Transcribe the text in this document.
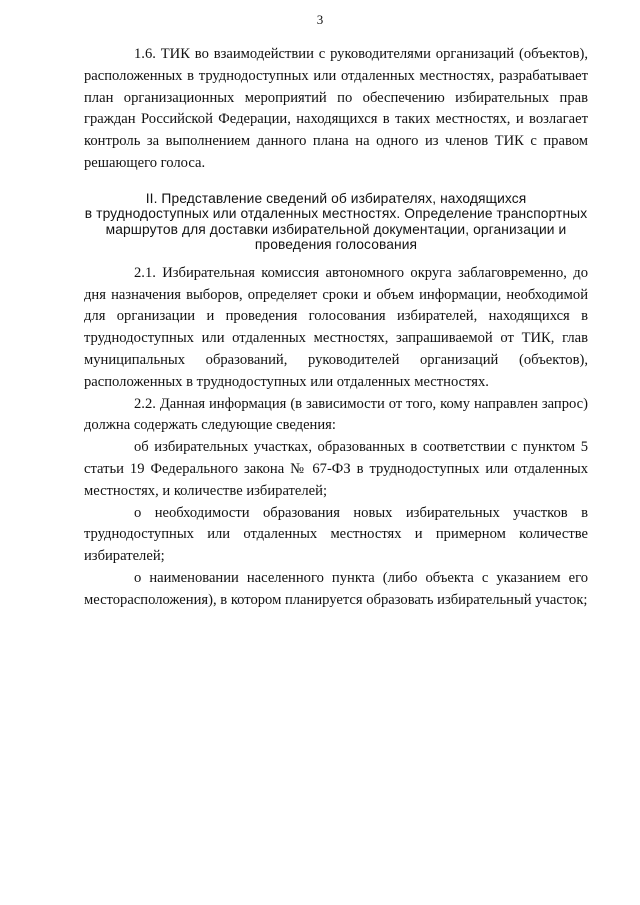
3

1.6. ТИК во взаимодействии с руководителями организаций (объектов), расположенных в труднодоступных или отдаленных местностях, разрабатывает план организационных мероприятий по обеспечению избирательных прав граждан Российской Федерации, находящихся в таких местностях, и возлагает контроль за выполнением данного плана на одного из членов ТИК с правом решающего голоса.

II. Представление сведений об избирателях, находящихся
в труднодоступных или отдаленных местностях. Определение транспортных
маршрутов для доставки избирательной документации, организации и
проведения голосования

2.1. Избирательная комиссия автономного округа заблаговременно, до дня назначения выборов, определяет сроки и объем информации, необходимой для организации и проведения голосования избирателей, находящихся в труднодоступных или отдаленных местностях, запрашиваемой от ТИК, глав муниципальных образований, руководителей организаций (объектов), расположенных в труднодоступных или отдаленных местностях.

2.2. Данная информация (в зависимости от того, кому направлен запрос) должна содержать следующие сведения:

об избирательных участках, образованных в соответствии с пунктом 5 статьи 19 Федерального закона № 67-ФЗ в труднодоступных или отдаленных местностях, и количестве избирателей;

о необходимости образования новых избирательных участков в труднодоступных или отдаленных местностях и примерном количестве избирателей;

о наименовании населенного пункта (либо объекта с указанием его месторасположения), в котором планируется образовать избирательный участок;
